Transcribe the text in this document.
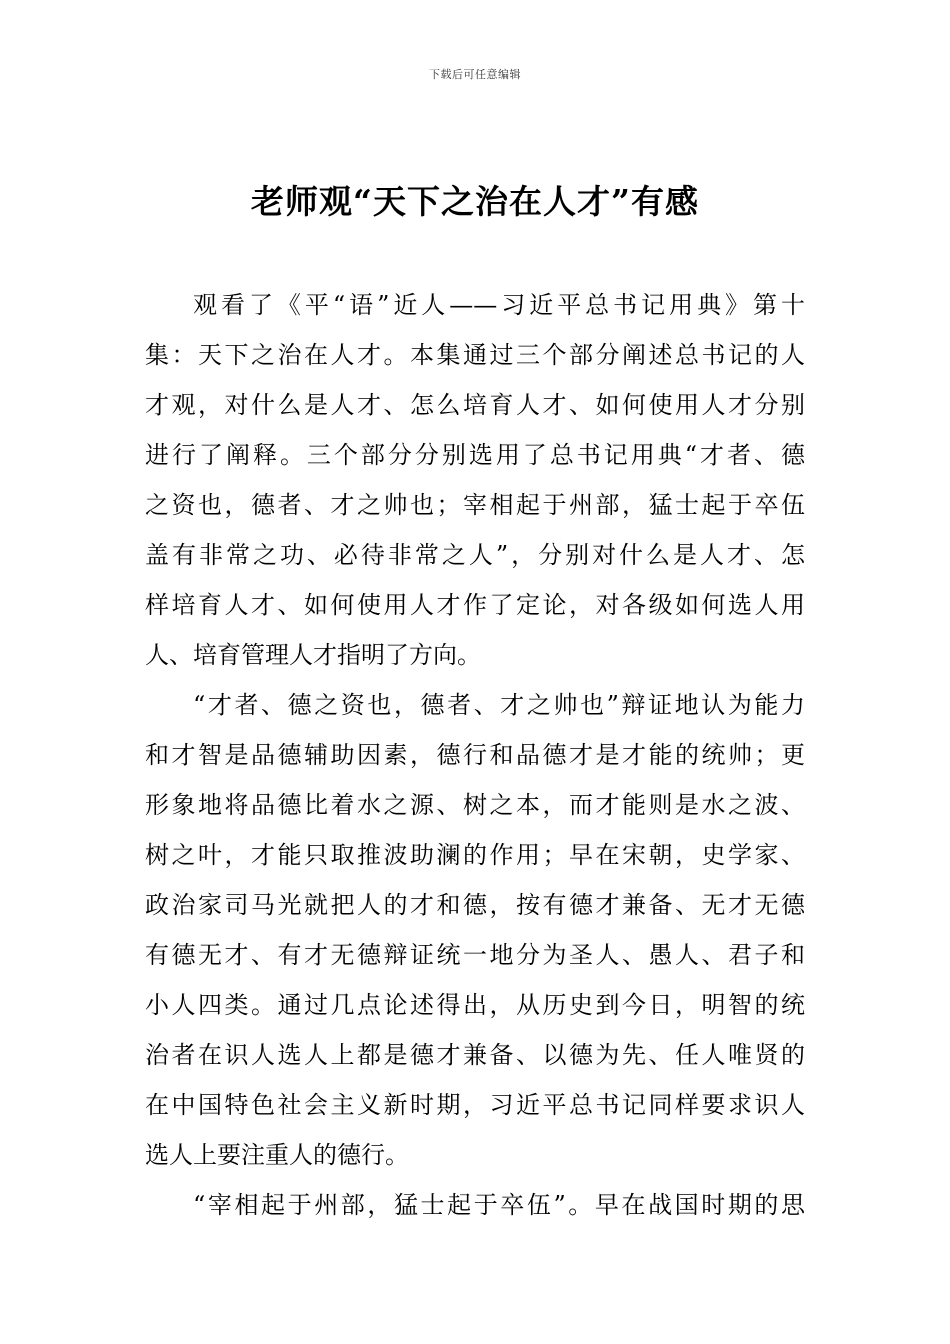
下载后可任意编辑
老师观“天下之治在人才”有感
观看了《平“语”近人——习近平总书记用典》第十
集：天下之治在人才。本集通过三个部分阐述总书记的人
才观，对什么是人才、怎么培育人才、如何使用人才分别
进行了阐释。三个部分分别选用了总书记用典“才者、德
之资也，德者、才之帅也；宰相起于州部，猛士起于卒伍
盖有非常之功、必待非常之人”，分别对什么是人才、怎
样培育人才、如何使用人才作了定论，对各级如何选人用
人、培育管理人才指明了方向。
“才者、德之资也，德者、才之帅也”辩证地认为能力
和才智是品德辅助因素，德行和品德才是才能的统帅；更
形象地将品德比着水之源、树之本，而才能则是水之波、
树之叶，才能只取推波助澜的作用；早在宋朝，史学家、
政治家司马光就把人的才和德，按有德才兼备、无才无德
有德无才、有才无德辩证统一地分为圣人、愚人、君子和
小人四类。通过几点论述得出，从历史到今日，明智的统
治者在识人选人上都是德才兼备、以德为先、任人唯贤的
在中国特色社会主义新时期，习近平总书记同样要求识人
选人上要注重人的德行。
“宰相起于州部，猛士起于卒伍”。早在战国时期的思
